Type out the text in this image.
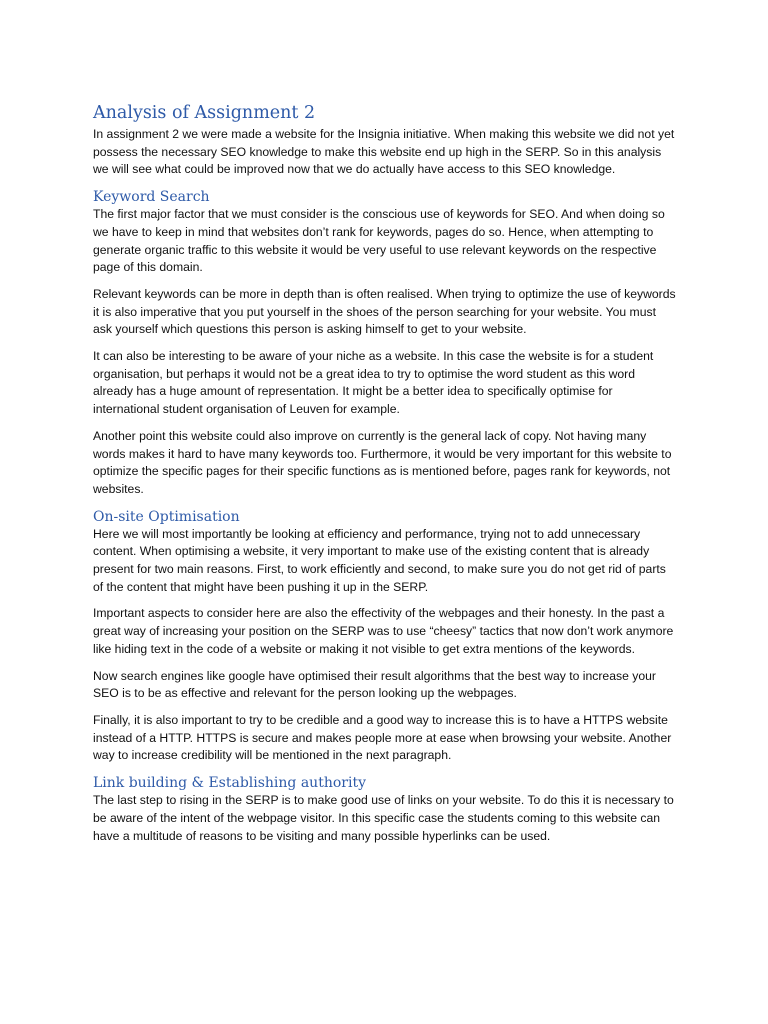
Analysis of Assignment 2

In assignment 2 we were made a website for the Insignia initiative. When making this website we did not yet possess the necessary SEO knowledge to make this website end up high in the SERP. So in this analysis we will see what could be improved now that we do actually have access to this SEO knowledge.

Keyword Search

The first major factor that we must consider is the conscious use of keywords for SEO. And when doing so we have to keep in mind that websites don’t rank for keywords, pages do so. Hence, when attempting to generate organic traffic to this website it would be very useful to use relevant keywords on the respective page of this domain.

Relevant keywords can be more in depth than is often realised. When trying to optimize the use of keywords it is also imperative that you put yourself in the shoes of the person searching for your website. You must ask yourself which questions this person is asking himself to get to your website.

It can also be interesting to be aware of your niche as a website. In this case the website is for a student organisation, but perhaps it would not be a great idea to try to optimise the word student as this word already has a huge amount of representation. It might be a better idea to specifically optimise for international student organisation of Leuven for example.

Another point this website could also improve on currently is the general lack of copy. Not having many words makes it hard to have many keywords too. Furthermore, it would be very important for this website to optimize the specific pages for their specific functions as is mentioned before, pages rank for keywords, not websites.

On-site Optimisation

Here we will most importantly be looking at efficiency and performance, trying not to add unnecessary content. When optimising a website, it very important to make use of the existing content that is already present for two main reasons. First, to work efficiently and second, to make sure you do not get rid of parts of the content that might have been pushing it up in the SERP.

Important aspects to consider here are also the effectivity of the webpages and their honesty. In the past a great way of increasing your position on the SERP was to use “cheesy” tactics that now don’t work anymore like hiding text in the code of a website or making it not visible to get extra mentions of the keywords.

Now search engines like google have optimised their result algorithms that the best way to increase your SEO is to be as effective and relevant for the person looking up the webpages.

Finally, it is also important to try to be credible and a good way to increase this is to have a HTTPS website instead of a HTTP. HTTPS is secure and makes people more at ease when browsing your website. Another way to increase credibility will be mentioned in the next paragraph.

Link building & Establishing authority

The last step to rising in the SERP is to make good use of links on your website. To do this it is necessary to be aware of the intent of the webpage visitor. In this specific case the students coming to this website can have a multitude of reasons to be visiting and many possible hyperlinks can be used.
